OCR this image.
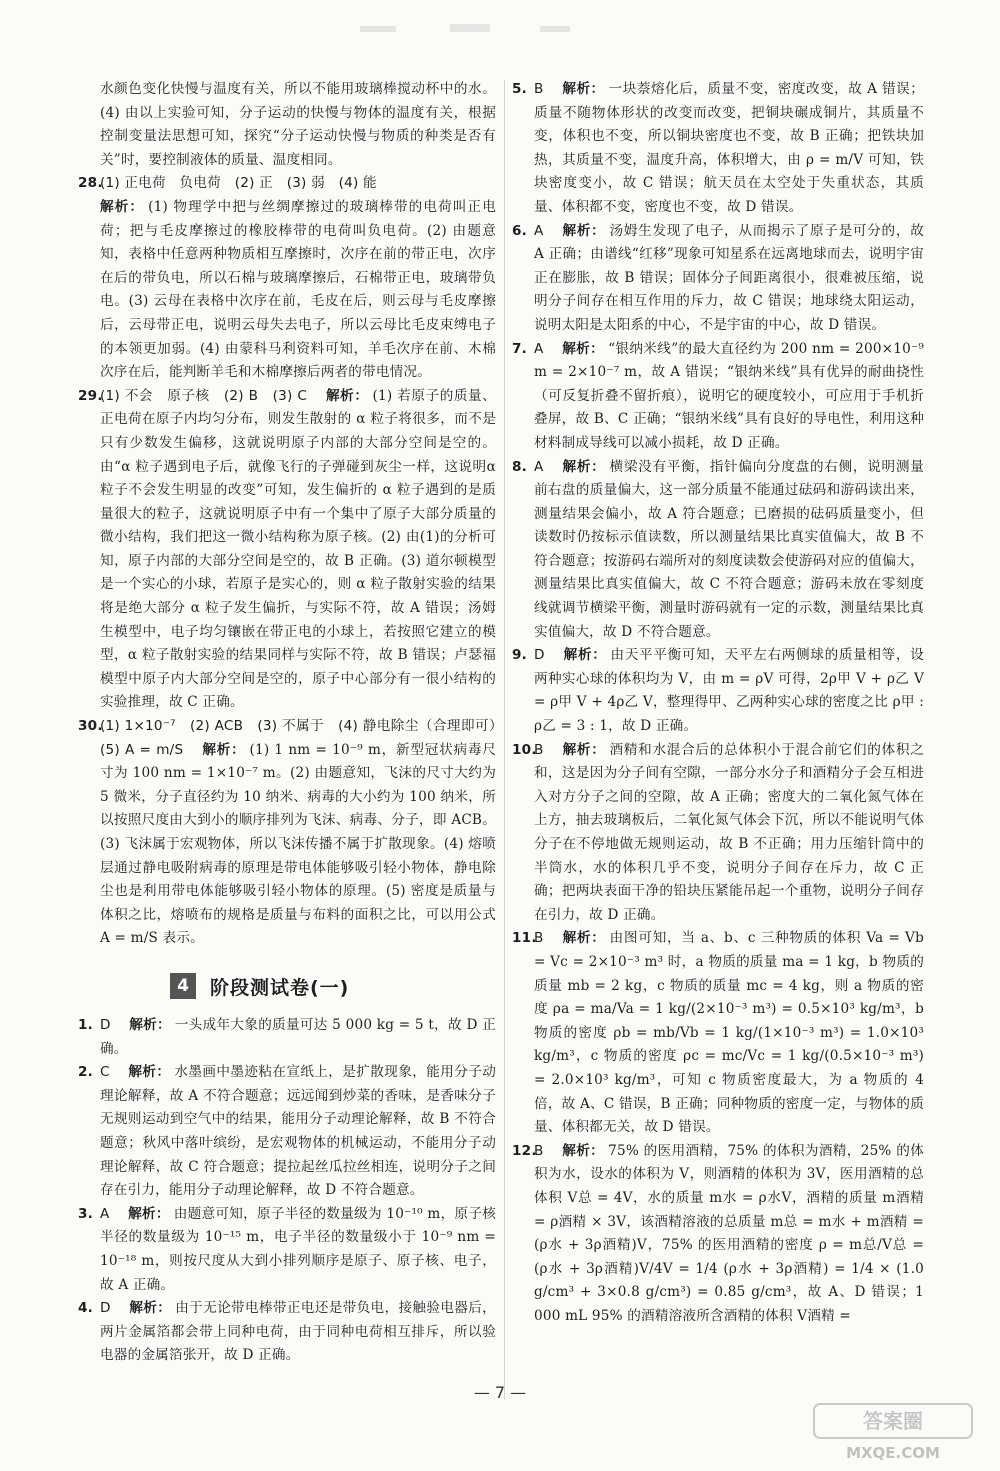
水颜色变化快慢与温度有关，所以不能用玻璃棒搅动杯中的水。(4) 由以上实验可知，分子运动的快慢与物体的温度有关，根据控制变量法思想可知，探究“分子运动快慢与物质的种类是否有关”时，要控制液体的质量、温度相同。

28.
(1) 正电荷　负电荷　(2) 正　(3) 弱　(4) 能
解析： (1) 物理学中把与丝绸摩擦过的玻璃棒带的电荷叫正电荷；把与毛皮摩擦过的橡胶棒带的电荷叫负电荷。(2) 由题意知，表格中任意两种物质相互摩擦时，次序在前的带正电，次序在后的带负电，所以石棉与玻璃摩擦后，石棉带正电，玻璃带负电。(3) 云母在表格中次序在前，毛皮在后，则云母与毛皮摩擦后，云母带正电，说明云母失去电子，所以云母比毛皮束缚电子的本领更加弱。(4) 由蒙科马利资料可知，羊毛次序在前、木棉次序在后，能判断羊毛和木棉摩擦后两者的带电情况。
29.
(1) 不会　原子核　(2) B　(3) C 解析： (1) 若原子的质量、正电荷在原子内均匀分布，则发生散射的 α 粒子将很多，而不是只有少数发生偏移，这就说明原子内部的大部分空间是空的。由“α 粒子遇到电子后，就像飞行的子弹碰到灰尘一样，这说明α粒子不会发生明显的改变”可知，发生偏折的 α 粒子遇到的是质量很大的粒子，这就说明原子中有一个集中了原子大部分质量的微小结构，我们把这一微小结构称为原子核。(2) 由(1)的分析可知，原子内部的大部分空间是空的，故 B 正确。(3) 道尔顿模型是一个实心的小球，若原子是实心的，则 α 粒子散射实验的结果将是绝大部分 α 粒子发生偏折，与实际不符，故 A 错误；汤姆生模型中，电子均匀镶嵌在带正电的小球上，若按照它建立的模型，α 粒子散射实验的结果同样与实际不符，故 B 错误；卢瑟福模型中原子内大部分空间是空的，原子中心部分有一很小结构的实验推理，故 C 正确。
30.
(1) 1×10⁻⁷　(2) ACB　(3) 不属于　(4) 静电除尘（合理即可）　(5) A = m/S 解析： (1) 1 nm = 10⁻⁹ m，新型冠状病毒尺寸为 100 nm = 1×10⁻⁷ m。(2) 由题意知，飞沫的尺寸大约为 5 微米，分子直径约为 10 纳米、病毒的大小约为 100 纳米，所以按照尺度由大到小的顺序排列为飞沫、病毒、分子，即 ACB。(3) 飞沫属于宏观物体，所以飞沫传播不属于扩散现象。(4) 熔喷层通过静电吸附病毒的原理是带电体能够吸引轻小物体，静电除尘也是利用带电体能够吸引轻小物体的原理。(5) 密度是质量与体积之比，熔喷布的规格是质量与布料的面积之比，可以用公式 A = m/S 表示。
4	阶段测试卷(一)
1. D 解析： 一头成年大象的质量可达 5 000 kg = 5 t，故 D 正确。
2. C 解析： 水墨画中墨迹粘在宣纸上，是扩散现象，能用分子动理论解释，故 A 不符合题意；远远闻到炒菜的香味，是香味分子无规则运动到空气中的结果，能用分子动理论解释，故 B 不符合题意；秋风中落叶缤纷，是宏观物体的机械运动，不能用分子动理论解释，故 C 符合题意；提拉起丝瓜拉丝相连，说明分子之间存在引力，能用分子动理论解释，故 D 不符合题意。
3. A 解析： 由题意可知，原子半径的数量级为 10⁻¹⁰ m，原子核半径的数量级为 10⁻¹⁵ m，电子半径的数量级小于 10⁻⁹ nm = 10⁻¹⁸ m，则按尺度从大到小排列顺序是原子、原子核、电子，故 A 正确。
4. D 解析： 由于无论带电棒带正电还是带负电，接触验电器后，两片金属箔都会带上同种电荷，由于同种电荷相互排斥，所以验电器的金属箔张开，故 D 正确。
5. B 解析： 一块萘熔化后，质量不变，密度改变，故 A 错误；质量不随物体形状的改变而改变，把铜块碾成铜片，其质量不变，体积也不变，所以铜块密度也不变，故 B 正确；把铁块加热，其质量不变，温度升高，体积增大，由 ρ = m/V 可知，铁块密度变小，故 C 错误；航天员在太空处于失重状态，其质量、体积都不变，密度也不变，故 D 错误。
6. A 解析： 汤姆生发现了电子，从而揭示了原子是可分的，故 A 正确；由谱线“红移”现象可知星系在远离地球而去，说明宇宙正在膨胀，故 B 错误；固体分子间距离很小，很难被压缩，说明分子间存在相互作用的斥力，故 C 错误；地球绕太阳运动，说明太阳是太阳系的中心，不是宇宙的中心，故 D 错误。
7. A 解析： “银纳米线”的最大直径约为 200 nm = 200×10⁻⁹ m = 2×10⁻⁷ m，故 A 错误；“银纳米线”具有优异的耐曲挠性（可反复折叠不留折痕），说明它的硬度较小，可应用于手机折叠屏，故 B、C 正确；“银纳米线”具有良好的导电性，利用这种材料制成导线可以减小损耗，故 D 正确。
8. A 解析： 横梁没有平衡，指针偏向分度盘的右侧，说明测量前右盘的质量偏大，这一部分质量不能通过砝码和游码读出来，测量结果会偏小，故 A 符合题意；已磨损的砝码质量变小，但读数时仍按标示值读数，所以测量结果比真实值偏大，故 B 不符合题意；按游码右端所对的刻度读数会使游码对应的值偏大，测量结果比真实值偏大，故 C 不符合题意；游码未放在零刻度线就调节横梁平衡，测量时游码就有一定的示数，测量结果比真实值偏大，故 D 不符合题意。
9. D 解析： 由天平平衡可知，天平左右两侧球的质量相等，设两种实心球的体积均为 V，由 m = ρV 可得，2ρ甲 V + ρ乙 V = ρ甲 V + 4ρ乙 V，整理得甲、乙两种实心球的密度之比 ρ甲 : ρ乙 = 3 : 1，故 D 正确。
10.
B 解析： 酒精和水混合后的总体积小于混合前它们的体积之和，这是因为分子间有空隙，一部分水分子和酒精分子会互相进入对方分子之间的空隙，故 A 正确；密度大的二氧化氮气体在上方，抽去玻璃板后，二氧化氮气体会下沉，所以不能说明气体分子在不停地做无规则运动，故 B 不正确；用力压缩针筒中的半筒水，水的体积几乎不变，说明分子间存在斥力，故 C 正确；把两块表面干净的铅块压紧能吊起一个重物，说明分子间存在引力，故 D 正确。
11.
B 解析： 由图可知，当 a、b、c 三种物质的体积 Va = Vb = Vc = 2×10⁻³ m³ 时，a 物质的质量 ma = 1 kg，b 物质的质量 mb = 2 kg，c 物质的质量 mc = 4 kg，则 a 物质的密度 ρa = ma/Va = 1 kg/(2×10⁻³ m³) = 0.5×10³ kg/m³，b 物质的密度 ρb = mb/Vb = 1 kg/(1×10⁻³ m³) = 1.0×10³ kg/m³，c 物质的密度 ρc = mc/Vc = 1 kg/(0.5×10⁻³ m³) = 2.0×10³ kg/m³，可知 c 物质密度最大，为 a 物质的 4 倍，故 A、C 错误，B 正确；同种物质的密度一定，与物体的质量、体积都无关，故 D 错误。
12.
B 解析： 75% 的医用酒精，75% 的体积为酒精，25% 的体积为水，设水的体积为 V，则酒精的体积为 3V，医用酒精的总体积 V总 = 4V，水的质量 m水 = ρ水V，酒精的质量 m酒精 = ρ酒精 × 3V，该酒精溶液的总质量 m总 = m水 + m酒精 = (ρ水 + 3ρ酒精)V，75% 的医用酒精的密度 ρ = m总/V总 = (ρ水 + 3ρ酒精)V/4V = 1/4 (ρ水 + 3ρ酒精) = 1/4 × (1.0 g/cm³ + 3×0.8 g/cm³) = 0.85 g/cm³，故 A、D 错误；1 000 mL 95% 的酒精溶液所含酒精的体积 V酒精 =
— 7 —
答案圈
MXQE.COM
